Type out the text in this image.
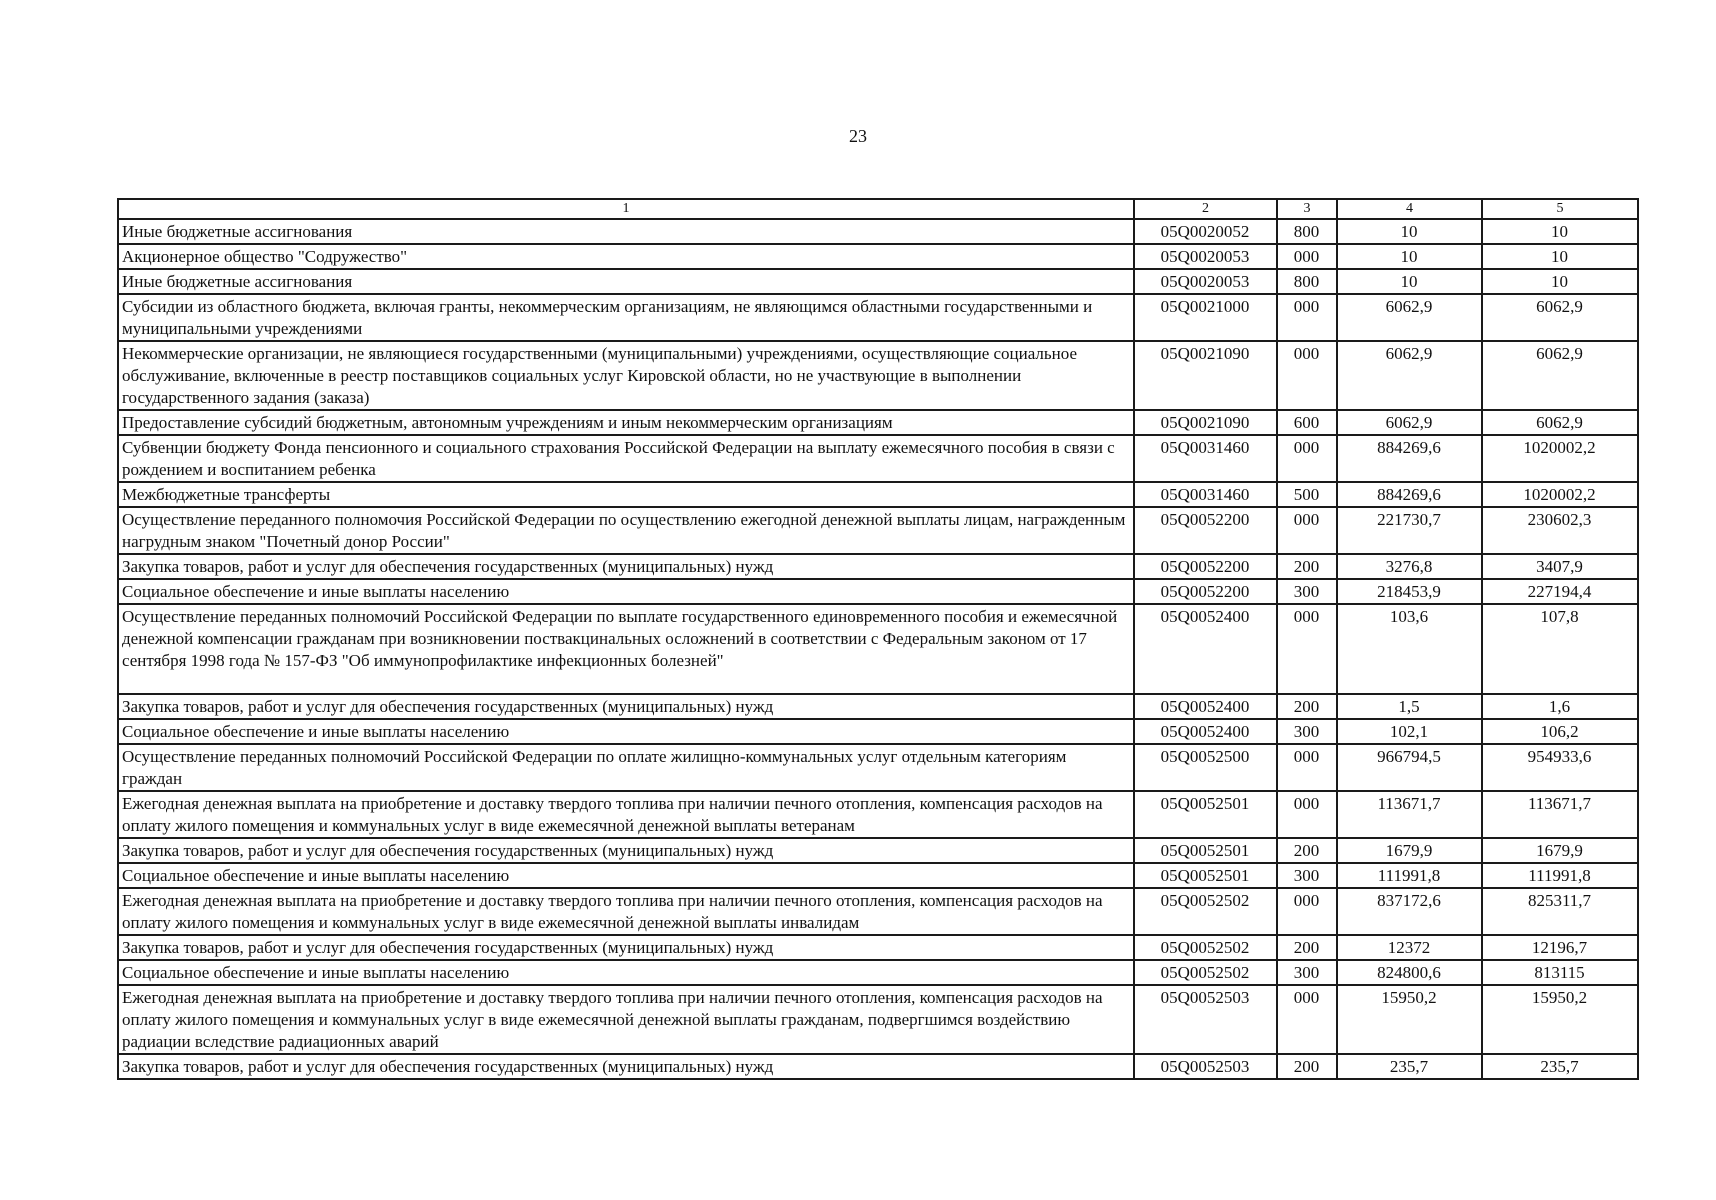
23
1	2	3	4	5
Иные бюджетные ассигнования	05Q0020052	800	10	10
Акционерное общество "Содружество"	05Q0020053	000	10	10
Иные бюджетные ассигнования	05Q0020053	800	10	10
Субсидии из областного бюджета, включая гранты, некоммерческим организациям, не являющимся областными государственными и муниципальными учреждениями	05Q0021000	000	6062,9	6062,9
Некоммерческие организации, не являющиеся государственными (муниципальными) учреждениями, осуществляющие социальное обслуживание, включенные в реестр поставщиков социальных услуг Кировской области, но не участвующие в выполнении государственного задания (заказа)	05Q0021090	000	6062,9	6062,9
Предоставление субсидий бюджетным, автономным учреждениям и иным некоммерческим организациям	05Q0021090	600	6062,9	6062,9
Субвенции бюджету Фонда пенсионного и социального страхования Российской Федерации на выплату ежемесячного пособия в связи с рождением и воспитанием ребенка	05Q0031460	000	884269,6	1020002,2
Межбюджетные трансферты	05Q0031460	500	884269,6	1020002,2
Осуществление переданного полномочия Российской Федерации по осуществлению ежегодной денежной выплаты лицам, награжденным нагрудным знаком "Почетный донор России"	05Q0052200	000	221730,7	230602,3
Закупка товаров, работ и услуг для обеспечения государственных (муниципальных) нужд	05Q0052200	200	3276,8	3407,9
Социальное обеспечение и иные выплаты населению	05Q0052200	300	218453,9	227194,4
Осуществление переданных полномочий Российской Федерации по выплате государственного единовременного пособия и ежемесячной денежной компенсации гражданам при возникновении поствакцинальных осложнений в соответствии с Федеральным законом от 17 сентября 1998 года № 157-ФЗ "Об иммунопрофилактике инфекционных болезней"	05Q0052400	000	103,6	107,8
Закупка товаров, работ и услуг для обеспечения государственных (муниципальных) нужд	05Q0052400	200	1,5	1,6
Социальное обеспечение и иные выплаты населению	05Q0052400	300	102,1	106,2
Осуществление переданных полномочий Российской Федерации по оплате жилищно-коммунальных услуг отдельным категориям граждан	05Q0052500	000	966794,5	954933,6
Ежегодная денежная выплата на приобретение и доставку твердого топлива при наличии печного отопления, компенсация расходов на оплату жилого помещения и коммунальных услуг в виде ежемесячной денежной выплаты ветеранам	05Q0052501	000	113671,7	113671,7
Закупка товаров, работ и услуг для обеспечения государственных (муниципальных) нужд	05Q0052501	200	1679,9	1679,9
Социальное обеспечение и иные выплаты населению	05Q0052501	300	111991,8	111991,8
Ежегодная денежная выплата на приобретение и доставку твердого топлива при наличии печного отопления, компенсация расходов на оплату жилого помещения и коммунальных услуг в виде ежемесячной денежной выплаты инвалидам	05Q0052502	000	837172,6	825311,7
Закупка товаров, работ и услуг для обеспечения государственных (муниципальных) нужд	05Q0052502	200	12372	12196,7
Социальное обеспечение и иные выплаты населению	05Q0052502	300	824800,6	813115
Ежегодная денежная выплата на приобретение и доставку твердого топлива при наличии печного отопления, компенсация расходов на оплату жилого помещения и коммунальных услуг в виде ежемесячной денежной выплаты гражданам, подвергшимся воздействию радиации вследствие радиационных аварий	05Q0052503	000	15950,2	15950,2
Закупка товаров, работ и услуг для обеспечения государственных (муниципальных) нужд	05Q0052503	200	235,7	235,7
